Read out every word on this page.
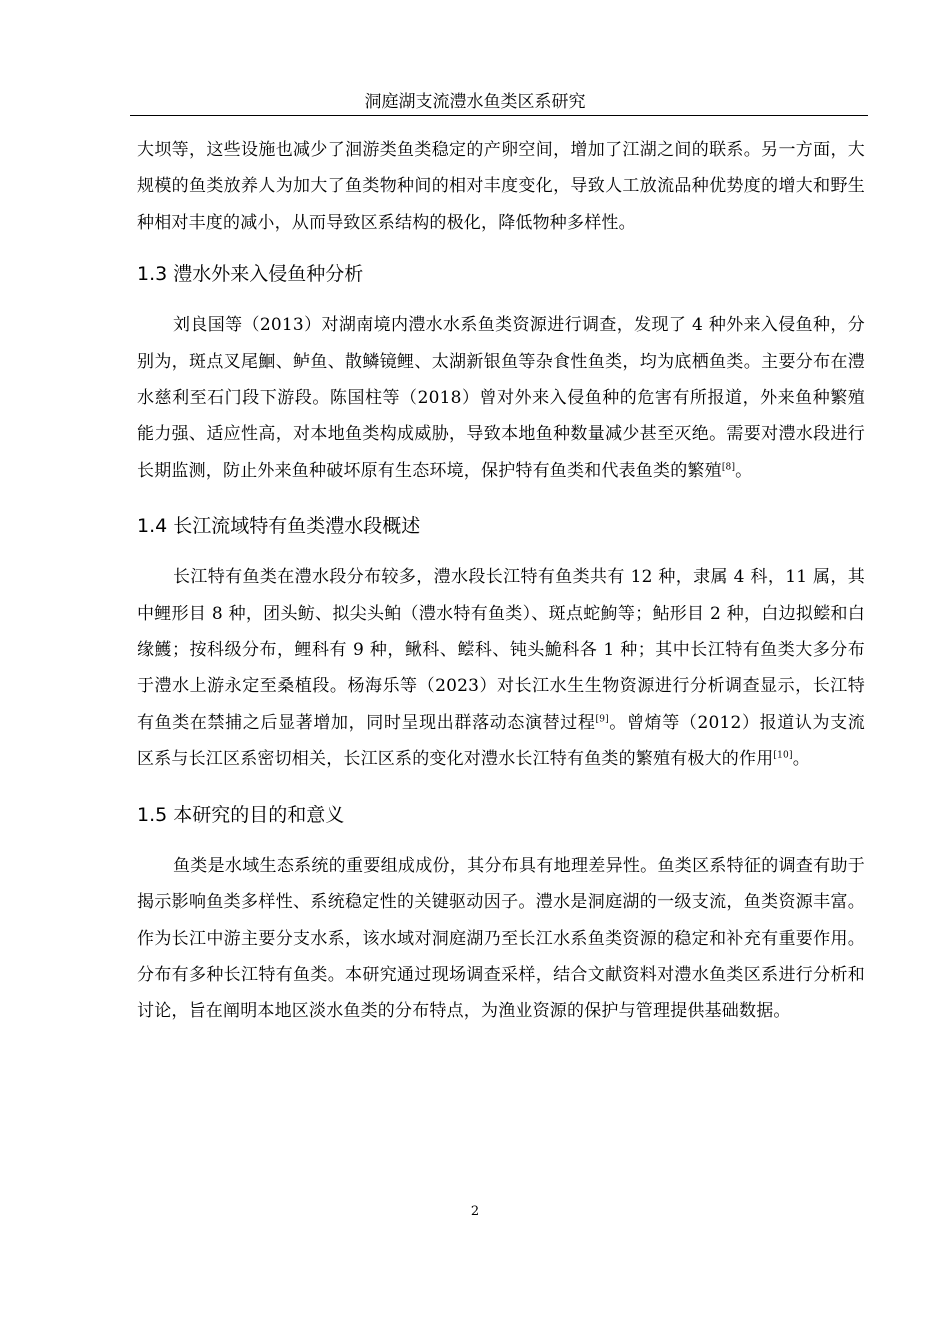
洞庭湖支流澧水鱼类区系研究

大坝等，这些设施也减少了洄游类鱼类稳定的产卵空间，增加了江湖之间的联系。另一方面，大规模的鱼类放养人为加大了鱼类物种间的相对丰度变化，导致人工放流品种优势度的增大和野生种相对丰度的减小，从而导致区系结构的极化，降低物种多样性。

1.3 澧水外来入侵鱼种分析

刘良国等（2013）对湖南境内澧水水系鱼类资源进行调查，发现了 4 种外来入侵鱼种，分别为，斑点叉尾鮰、鲈鱼、散鳞镜鲤、太湖新银鱼等杂食性鱼类，均为底栖鱼类。主要分布在澧水慈利至石门段下游段。陈国柱等（2018）曾对外来入侵鱼种的危害有所报道，外来鱼种繁殖能力强、适应性高，对本地鱼类构成威胁，导致本地鱼种数量减少甚至灭绝。需要对澧水段进行长期监测，防止外来鱼种破坏原有生态环境，保护特有鱼类和代表鱼类的繁殖[8]。

1.4 长江流域特有鱼类澧水段概述

长江特有鱼类在澧水段分布较多，澧水段长江特有鱼类共有 12 种，隶属 4 科，11 属，其中鲤形目 8 种，团头鲂、拟尖头鲌（澧水特有鱼类）、斑点蛇鮈等；鲇形目 2 种，白边拟鲿和白缘鱯；按科级分布，鲤科有 9 种，鳅科、鲿科、钝头鮠科各 1 种；其中长江特有鱼类大多分布于澧水上游永定至桑植段。杨海乐等（2023）对长江水生生物资源进行分析调查显示，长江特有鱼类在禁捕之后显著增加，同时呈现出群落动态演替过程[9]。曾焴等（2012）报道认为支流区系与长江区系密切相关，长江区系的变化对澧水长江特有鱼类的繁殖有极大的作用[10]。

1.5 本研究的目的和意义

鱼类是水域生态系统的重要组成成份，其分布具有地理差异性。鱼类区系特征的调查有助于揭示影响鱼类多样性、系统稳定性的关键驱动因子。澧水是洞庭湖的一级支流，鱼类资源丰富。作为长江中游主要分支水系，该水域对洞庭湖乃至长江水系鱼类资源的稳定和补充有重要作用。分布有多种长江特有鱼类。本研究通过现场调查采样，结合文献资料对澧水鱼类区系进行分析和讨论，旨在阐明本地区淡水鱼类的分布特点，为渔业资源的保护与管理提供基础数据。

2
